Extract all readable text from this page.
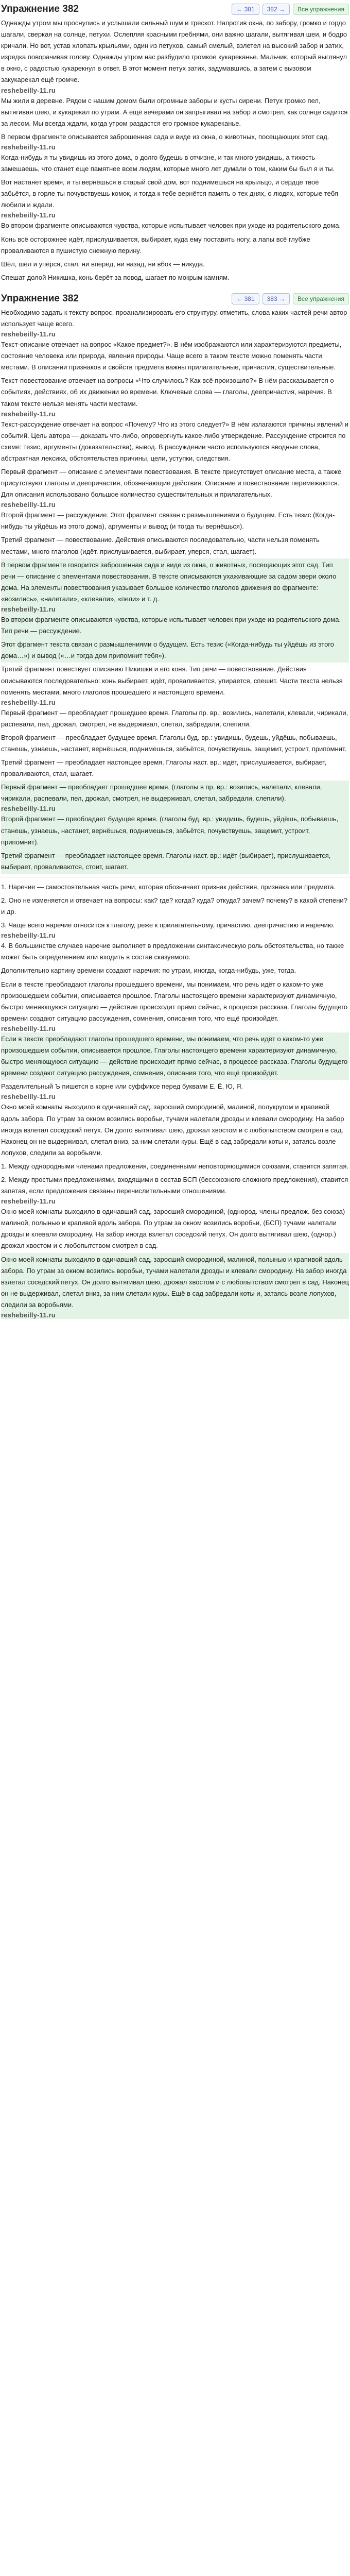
Упражнение 382	← 381	382 →	Все упражнения

Однажды утром мы проснулись и услышали сильный шум и трескот. Напротив окна, по забору, громко и гордо шагали, сверкая на солнце, петухи. Ослепляя красными гребнями, они важно шагали, вытягивая шеи, и бодро кричали. Но вот, устав хлопать крыльями, один из петухов, самый смелый, взлетел на высокий забор и затих, изредка поворачивая голову. Однажды утром нас разбудило громкое кукареканье. Мальчик, который выглянул в окно, с радостью кукарекнул в ответ. В этот момент петух затих, задумавшись, а затем с вызовом закукарекал ещё громче.

reshebeilly-11.ru

Мы жили в деревне. Рядом с нашим домом были огромные заборы и кусты сирени. Петух громко пел, вытягивая шею, и кукарекал по утрам. А ещё вечерами он запрыгивал на забор и смотрел, как солнце садится за лесом. Мы всегда ждали, когда утром раздастся его громкое кукареканье.

В первом фрагменте описывается заброшенная сада и виде из окна, о животных, посещающих этот сад.

reshebeilly-11.ru

Когда-нибудь я ты увидишь из этого дома, о долго будешь в отчизне, и так много увидишь, а тихость замешаешь, что станет еще памятнее всем людям, которые много лет думали о том, каким бы был я и ты.

Вот настанет время, и ты вернёшься в старый свой дом, вот поднимешься на крыльцо, и сердце твоё забьётся, в горле ты почувствуешь комок, и тогда к тебе вернётся память о тех днях, о людях, которые тебя любили и ждали.

reshebeilly-11.ru

Во втором фрагменте описываются чувства, которые испытывает человек при уходе из родительского дома.

Конь всё осторожнее идёт, прислушивается, выбирает, куда ему поставить ногу, а лапы всё глубже проваливаются в пушистую снежную перину.

Шёл, шёл и упёрся, стал, ни вперёд, ни назад, ни вбок — никуда.

Спешат долой Никишка, конь берёт за повод, шагает по мокрым камням.

Упражнение 382	← 381	383 →	Все упражнения

Необходимо задать к тексту вопрос, проанализировать его структуру, отметить, слова каких частей речи автор использует чаще всего.

reshebeilly-11.ru

Текст-описание отвечает на вопрос «Какое предмет?». В нём изображаются или характеризуются предметы, состояние человека или природа, явления природы. Чаще всего в таком тексте можно поменять части местами. В описании признаков и свойств предмета важны прилагательные, причастия, существительные.

Текст-повествование отвечает на вопросы «Что случилось? Как всё произошло?» В нём рассказывается о событиях, действиях, об их движении во времени. Ключевые слова — глаголы, деепричастия, наречия. В таком тексте нельзя менять части местами.

reshebeilly-11.ru

Текст-рассуждение отвечает на вопрос «Почему? Что из этого следует?» В нём излагаются причины явлений и событий. Цель автора — доказать что-либо, опровергнуть какое-либо утверждение. Рассуждение строится по схеме: тезис, аргументы (доказательства), вывод. В рассуждении часто используются вводные слова, абстрактная лексика, обстоятельства причины, цели, уступки, следствия.

Первый фрагмент — описание с элементами повествования. В тексте присутствует описание места, а также присутствуют глаголы и деепричастия, обозначающие действия. Описание и повествование перемежаются. Для описания использовано большое количество существительных и прилагательных.

reshebeilly-11.ru

Второй фрагмент — рассуждение. Этот фрагмент связан с размышлениями о будущем. Есть тезис (Когда-нибудь ты уйдёшь из этого дома), аргументы и вывод (и тогда ты вернёшься).

Третий фрагмент — повествование. Действия описываются последовательно, части нельзя поменять местами, много глаголов (идёт, прислушивается, выбирает, уперся, стал, шагает).

В первом фрагменте говорится заброшенная сада и виде из окна, о животных, посещающих этот сад. Тип речи — описание с элементами повествования. В тексте описываются ухаживающие за садом звери около дома. На элементы повествования указывает большое количество глаголов движения во фрагменте: «возились», «налетали», «клевали», «пели» и т. д.

reshebeilly-11.ru

Во втором фрагменте описываются чувства, которые испытывает человек при уходе из родительского дома. Тип речи — рассуждение.

Этот фрагмент текста связан с размышлениями о будущем. Есть тезис («Когда-нибудь ты уйдёшь из этого дома…») и вывод («…и тогда дом припомнит тебя»).

Третий фрагмент повествует описанию Никишки и его коня. Тип речи — повествование. Действия описываются последовательно: конь выбирает, идёт, проваливается, упирается, спешит. Части текста нельзя поменять местами, много глаголов прошедшего и настоящего времени.

reshebeilly-11.ru

Первый фрагмент — преобладает прошедшее время. Глаголы пр. вр.: возились, налетали, клевали, чирикали, распевали, пел, дрожал, смотрел, не выдерживал, слетал, забредали, слепили.

Второй фрагмент — преобладает будущее время. Глаголы буд. вр.: увидишь, будешь, уйдёшь, побываешь, станешь, узнаешь, настанет, вернёшься, поднимешься, забьётся, почувствуешь, защемит, устроит, припомнит.

Третий фрагмент — преобладает настоящее время. Глаголы наст. вр.: идёт, прислушивается, выбирает, проваливаются, стал, шагает.

Первый фрагмент — преобладает прошедшее время. (глаголы в пр. вр.: возились, налетали, клевали, чирикали, распевали, пел, дрожал, смотрел, не выдерживал, слетал, забредали, слепили).

reshebeilly-11.ru

Второй фрагмент — преобладает будущее время. (глаголы буд. вр.: увидишь, будешь, уйдёшь, побываешь, станешь, узнаешь, настанет, вернёшься, поднимешься, забьётся, почувствуешь, защемит, устроит, припомнит).

Третий фрагмент — преобладает настоящее время. Глаголы наст. вр.: идёт (выбирает), прислушивается, выбирает, проваливаются, стоит, шагает.

1. Наречие — самостоятельная часть речи, которая обозначает признак действия, признака или предмета.

2. Оно не изменяется и отвечает на вопросы: как? где? когда? куда? откуда? зачем? почему? в какой степени? и др.

3. Чаще всего наречие относится к глаголу, реже к прилагательному, причастию, деепричастию и наречию.

reshebeilly-11.ru

4. В большинстве случаев наречие выполняет в предложении синтаксическую роль обстоятельства, но также может быть определением или входить в состав сказуемого.

Дополнительно картину времени создают наречия: по утрам, иногда, когда-нибудь, уже, тогда.

Если в тексте преобладают глаголы прошедшего времени, мы понимаем, что речь идёт о каком-то уже произошедшем событии, описывается прошлое. Глаголы настоящего времени характеризуют динамичную, быстро меняющуюся ситуацию — действие происходит прямо сейчас, в процессе рассказа. Глаголы будущего времени создают ситуацию рассуждения, сомнения, описания того, что ещё произойдёт.

reshebeilly-11.ru

Если в тексте преобладают глаголы прошедшего времени, мы понимаем, что речь идёт о каком-то уже произошедшем событии, описывается прошлое. Глаголы настоящего времени характеризуют динамичную, быстро меняющуюся ситуацию — действие происходит прямо сейчас, в процессе рассказа. Глаголы будущего времени создают ситуацию рассуждения, сомнения, описания того, что ещё произойдёт.

Разделительный Ъ пишется в корне или суффиксе перед буквами Е, Ё, Ю, Я.

reshebeilly-11.ru

Окно моей комнаты выходило в одичавший сад, заросший смородиной, малиной, полукругом и крапивой вдоль забора. По утрам за окном возились воробьи, тучами налетали дрозды и клевали смородину. На забор иногда взлетал соседский петух. Он долго вытягивал шею, дрожал хвостом и с любопытством смотрел в сад. Наконец он не выдерживал, слетал вниз, за ним слетали куры. Ещё в сад забредали коты и, затаясь возле лопухов, следили за воробьями.

1. Между однородными членами предложения, соединенными неповторяющимися союзами, ставится запятая.

2. Между простыми предложениями, входящими в состав БСП (бессоюзного сложного предложения), ставится запятая, если предложения связаны перечислительными отношениями.

reshebeilly-11.ru

Окно моей комнаты выходило в одичавший сад, заросший смородиной, (однород. члены предлож. без союза) малиной, полынью и крапивой вдоль забора. По утрам за окном возились воробьи, (БСП) тучами налетали дрозды и клевали смородину. На забор иногда взлетал соседский петух. Он долго вытягивал шею, (однор.) дрожал хвостом и с любопытством смотрел в сад.

Окно моей комнаты выходило в одичавший сад, заросший смородиной, малиной, полынью и крапивой вдоль забора. По утрам за окном возились воробьи, тучами налетали дрозды и клевали смородину. На забор иногда взлетал соседский петух. Он долго вытягивал шею, дрожал хвостом и с любопытством смотрел в сад. Наконец он не выдерживал, слетал вниз, за ним слетали куры. Ещё в сад забредали коты и, затаясь возле лопухов, следили за воробьями.

reshebeilly-11.ru
